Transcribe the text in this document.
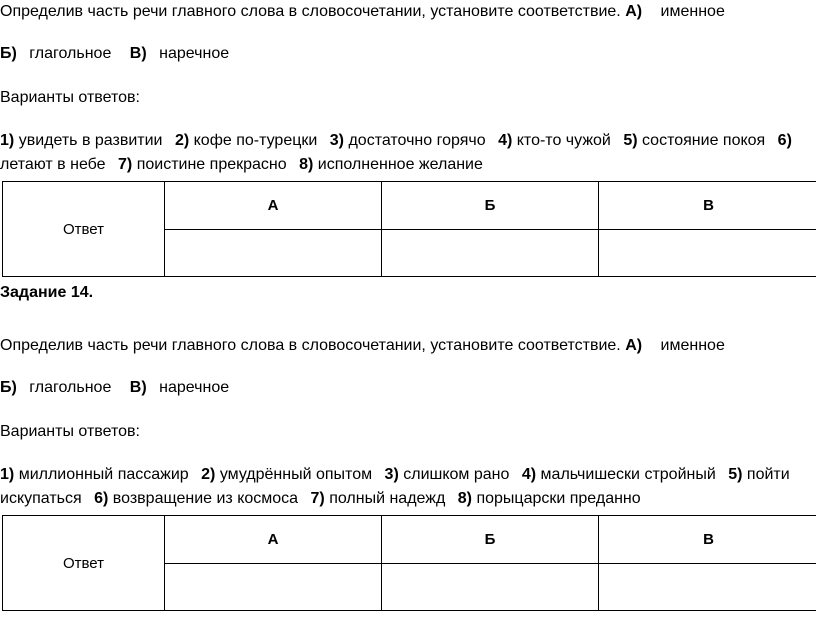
Определив часть речи главного слова в словосочетании, установите соответствие. А) именное
Б) глагольное В) наречное
Варианты ответов:
1) увидеть в развитии 2) кофе по-турецки 3) достаточно горячо 4) кто-то чужой 5) состояние покоя 6)
летают в небе 7) поистине прекрасно 8) исполненное желание
Ответ	А	Б	В

Задание 14.
Определив часть речи главного слова в словосочетании, установите соответствие. А) именное
Б) глагольное В) наречное
Варианты ответов:
1) миллионный пассажир 2) умудрённый опытом 3) слишком рано 4) мальчишески стройный 5) пойти
искупаться 6) возвращение из космоса 7) полный надежд 8) порыцарски преданно
Ответ	А	Б	В
